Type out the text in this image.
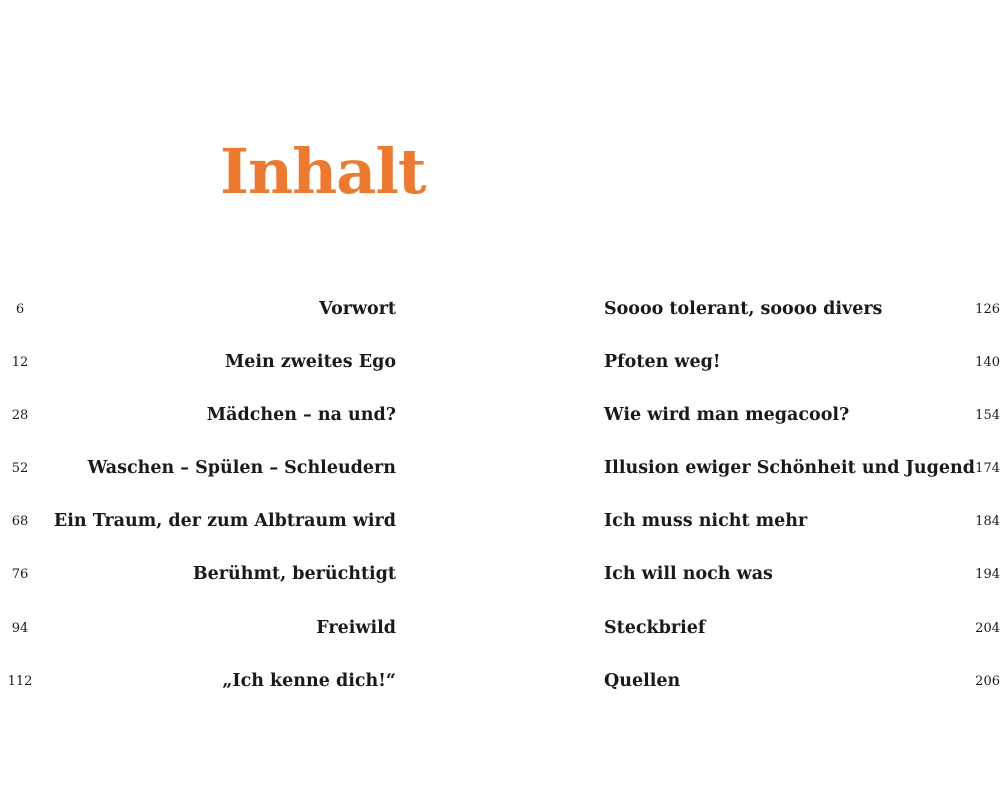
Inhalt
6	Vorwort
12	Mein zweites Ego
28	Mädchen – na und?
52	Waschen – Spülen – Schleudern
68	Ein Traum, der zum Albtraum wird
76	Berühmt, berüchtigt
94	Freiwild
112	„Ich kenne dich!“
Soooo tolerant, soooo divers	126
Pfoten weg!	140
Wie wird man megacool?	154
Illusion ewiger Schönheit und Jugend 174
Ich muss nicht mehr	184
Ich will noch was	194
Steckbrief	204
Quellen	206
